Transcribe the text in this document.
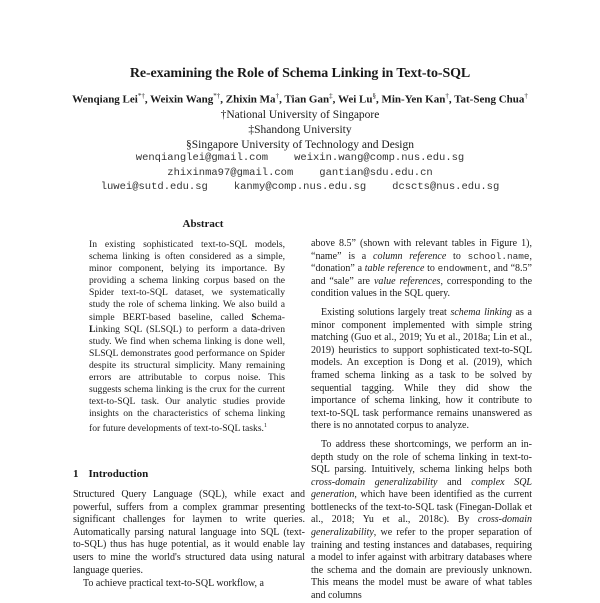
Re-examining the Role of Schema Linking in Text-to-SQL
Wenqiang Lei*†, Weixin Wang*†, Zhixin Ma†, Tian Gan‡, Wei Lu§, Min-Yen Kan†, Tat-Seng Chua†
†National University of Singapore
‡Shandong University
§Singapore University of Technology and Design
wenqianglei@gmail.com weixin.wang@comp.nus.edu.sg
zhixinma97@gmail.com gantian@sdu.edu.cn
luwei@sutd.edu.sg kanmy@comp.nus.edu.sg dcscts@nus.edu.sg
Abstract
In existing sophisticated text-to-SQL models, schema linking is often considered as a simple, minor component, belying its importance. By providing a schema linking corpus based on the Spider text-to-SQL dataset, we systematically study the role of schema linking. We also build a simple BERT-based baseline, called Schema-Linking SQL (SLSQL) to perform a data-driven study. We find when schema linking is done well, SLSQL demonstrates good performance on Spider despite its structural simplicity. Many remaining errors are attributable to corpus noise. This suggests schema linking is the crux for the current text-to-SQL task. Our analytic studies provide insights on the characteristics of schema linking for future developments of text-to-SQL tasks.$^1$
1 Introduction

Structured Query Language (SQL), while exact and powerful, suffers from a complex grammar presenting significant challenges for laymen to write queries. Automatically parsing natural language into SQL (text-to-SQL) thus has huge potential, as it would enable lay users to mine the world's structured data using natural language queries.

To achieve practical text-to-SQL workflow, a

above 8.5” (shown with relevant tables in Figure 1), “name” is a column reference to school.name, “donation” a table reference to endowment, and “8.5” and “sale” are value references, corresponding to the condition values in the SQL query.

Existing solutions largely treat schema linking as a minor component implemented with simple string matching (Guo et al., 2019; Yu et al., 2018a; Lin et al., 2019) heuristics to support sophisticated text-to-SQL models. An exception is Dong et al. (2019), which framed schema linking as a task to be solved by sequential tagging. While they did show the importance of schema linking, how it contribute to text-to-SQL task performance remains unanswered as there is no annotated corpus to analyze.

To address these shortcomings, we perform an in-depth study on the role of schema linking in text-to-SQL parsing. Intuitively, schema linking helps both cross-domain generalizability and complex SQL generation, which have been identified as the current bottlenecks of the text-to-SQL task (Finegan-Dollak et al., 2018; Yu et al., 2018c). By cross-domain generalizability, we refer to the proper separation of training and testing instances and databases, requiring a model to infer against with arbitrary databases where the schema and the domain are previously unknown. This means the model must be aware of what tables and columns
